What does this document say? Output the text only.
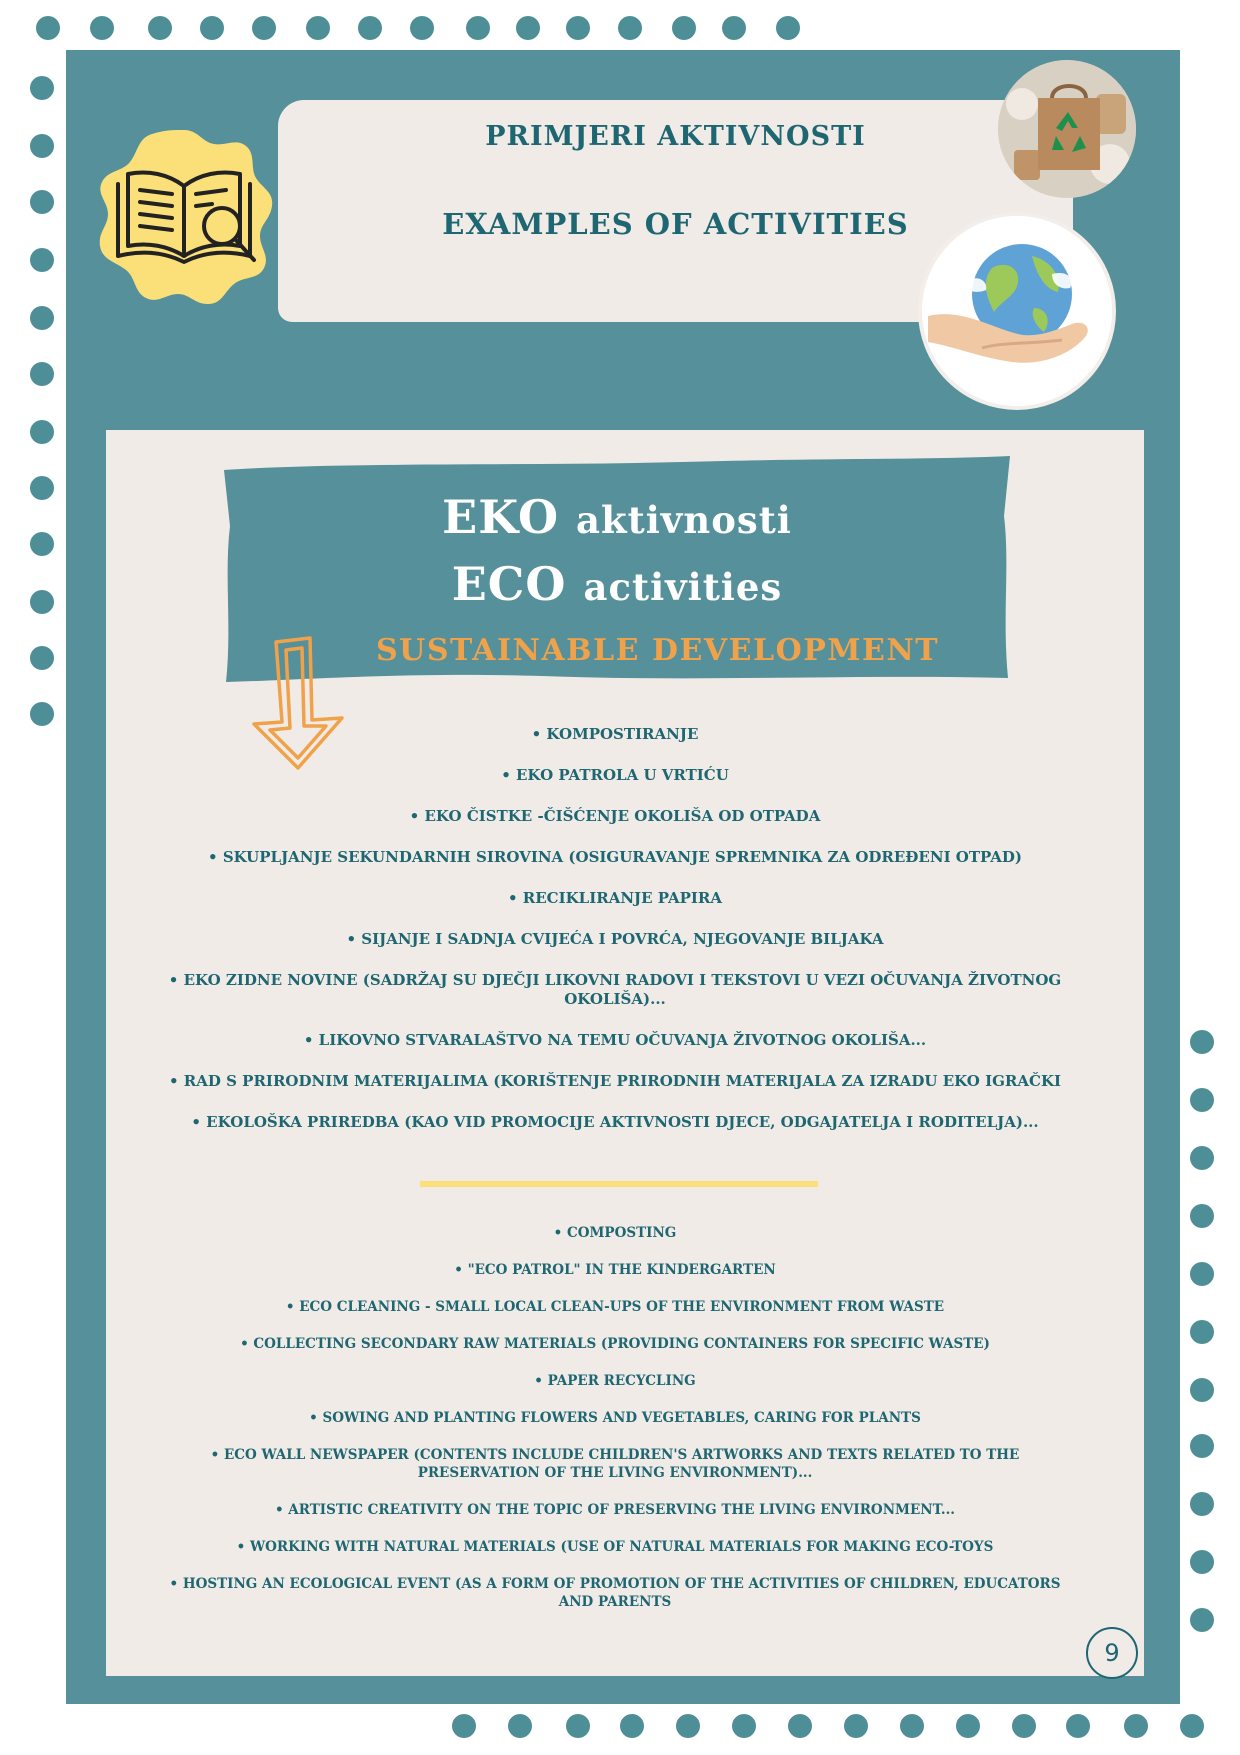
PRIMJERI AKTIVNOSTI
EXAMPLES OF ACTIVITIES
EKO aktivnosti
ECO activities
SUSTAINABLE DEVELOPMENT
• KOMPOSTIRANJE
• EKO PATROLA U VRTIĆU
• EKO ČISTKE -ČIŠĆENJE OKOLIŠA OD OTPADA
• SKUPLJANJE SEKUNDARNIH SIROVINA (OSIGURAVANJE SPREMNIKA ZA ODREĐENI OTPAD)
• RECIKLIRANJE PAPIRA
• SIJANJE I SADNJA CVIJEĆA I POVRĆA, NJEGOVANJE BILJAKA
• EKO ZIDNE NOVINE (SADRŽAJ SU DJEČJI LIKOVNI RADOVI I TEKSTOVI U VEZI OČUVANJA ŽIVOTNOG OKOLIŠA)...
• LIKOVNO STVARALAŠTVO NA TEMU OČUVANJA ŽIVOTNOG OKOLIŠA...
• RAD S PRIRODNIM MATERIJALIMA (KORIŠTENJE PRIRODNIH MATERIJALA ZA IZRADU EKO IGRAČKI
• EKOLOŠKA PRIREDBA (KAO VID PROMOCIJE AKTIVNOSTI DJECE, ODGAJATELJA I RODITELJA)...
• COMPOSTING
• "ECO PATROL" IN THE KINDERGARTEN
• ECO CLEANING - SMALL LOCAL CLEAN-UPS OF THE ENVIRONMENT FROM WASTE
• COLLECTING SECONDARY RAW MATERIALS (PROVIDING CONTAINERS FOR SPECIFIC WASTE)
• PAPER RECYCLING
• SOWING AND PLANTING FLOWERS AND VEGETABLES, CARING FOR PLANTS
• ECO WALL NEWSPAPER (CONTENTS INCLUDE CHILDREN'S ARTWORKS AND TEXTS RELATED TO THE PRESERVATION OF THE LIVING ENVIRONMENT)...
• ARTISTIC CREATIVITY ON THE TOPIC OF PRESERVING THE LIVING ENVIRONMENT...
• WORKING WITH NATURAL MATERIALS (USE OF NATURAL MATERIALS FOR MAKING ECO-TOYS
• HOSTING AN ECOLOGICAL EVENT (AS A FORM OF PROMOTION OF THE ACTIVITIES OF CHILDREN, EDUCATORS AND PARENTS
9
